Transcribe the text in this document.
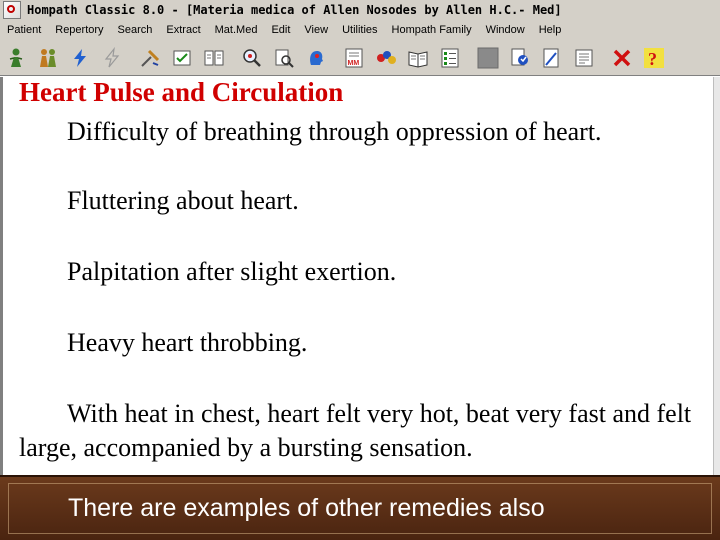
Hompath Classic 8.0 - [Materia medica of Allen Nosodes by Allen H.C.- Med]
Patient	Repertory	Search	Extract	Mat.Med	Edit	View	Utilities	Hompath Family	Window	Help
MM	?
Heart Pulse and Circulation
Difficulty of breathing through oppression of heart.
Fluttering about heart.
Palpitation after slight exertion.
Heavy heart throbbing.
With heat in chest, heart felt very hot, beat very fast and felt large, accompanied by a bursting sensation.
There are examples of other remedies also
